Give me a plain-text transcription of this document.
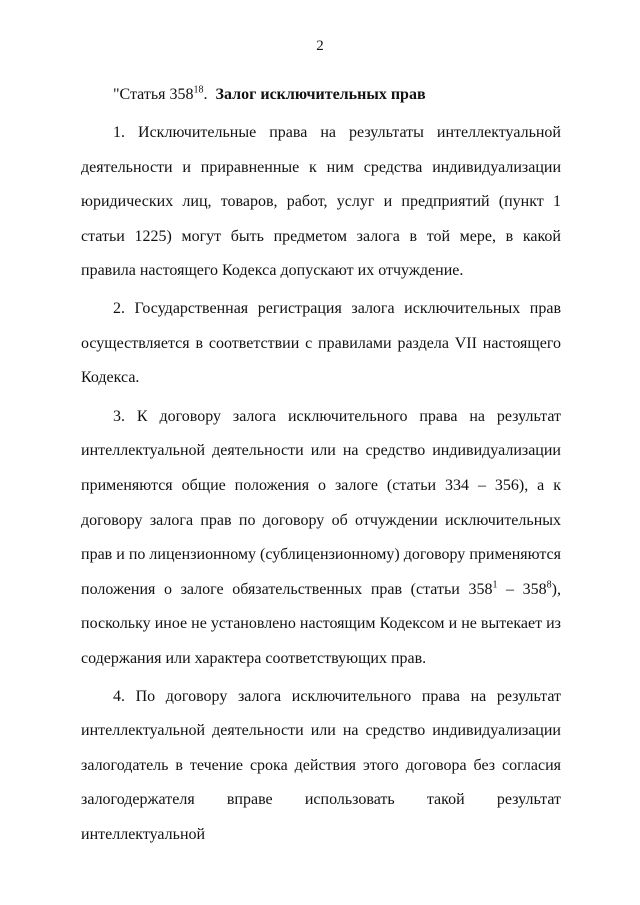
2

"Статья $358^{18}$. Залог исключительных прав

1. Исключительные права на результаты интеллектуальной деятельности и приравненные к ним средства индивидуализации юридических лиц, товаров, работ, услуг и предприятий (пункт 1 статьи 1225) могут быть предметом залога в той мере, в какой правила настоящего Кодекса допускают их отчуждение.

2. Государственная регистрация залога исключительных прав осуществляется в соответствии с правилами раздела VII настоящего Кодекса.

3. К договору залога исключительного права на результат интеллектуальной деятельности или на средство индивидуализации применяются общие положения о залоге (статьи 334 – 356), а к договору залога прав по договору об отчуждении исключительных прав и по лицензионному (сублицензионному) договору применяются положения о залоге обязательственных прав (статьи $358^1 - 358^8$), поскольку иное не установлено настоящим Кодексом и не вытекает из содержания или характера соответствующих прав.

4. По договору залога исключительного права на результат интеллектуальной деятельности или на средство индивидуализации залогодатель в течение срока действия этого договора без согласия залогодержателя вправе использовать такой результат интеллектуальной
